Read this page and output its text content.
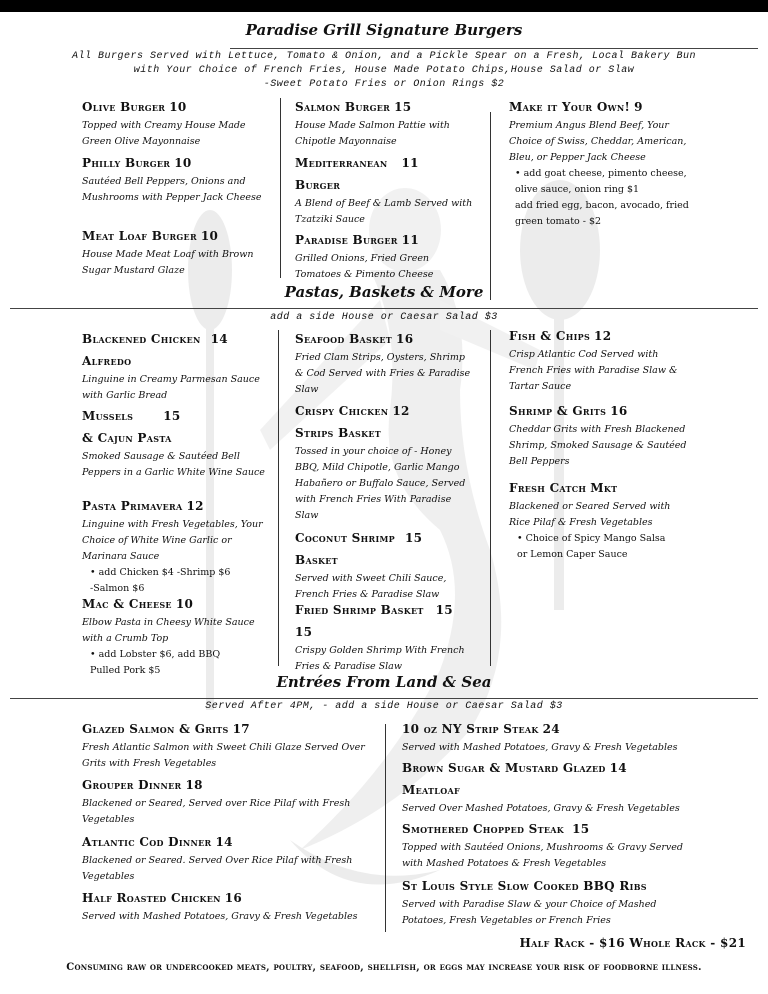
Paradise Grill Signature Burgers
All Burgers Served with Lettuce, Tomato & Onion, and a Pickle Spear on a Fresh, Local Bakery Bun
with Your Choice of French Fries, House Made Potato Chips,House Salad or Slaw
-Sweet Potato Fries or Onion Rings $2
Olive Burger 10
Topped with Creamy House Made Green Olive Mayonnaise
Philly Burger 10
Sautéed Bell Peppers, Onions and Mushrooms with Pepper Jack Cheese
Meat Loaf Burger 10
House Made Meat Loaf with Brown Sugar Mustard Glaze
Salmon Burger 15
House Made Salmon Pattie with Chipotle Mayonnaise
Mediterranean 11
Burger
A Blend of Beef & Lamb Served with Tzatziki Sauce
Paradise Burger 11
Grilled Onions, Fried Green Tomatoes & Pimento Cheese
Make it Your Own! 9
Premium Angus Blend Beef, Your Choice of Swiss, Cheddar, American, Bleu, or Pepper Jack Cheese
• add goat cheese, pimento cheese, olive sauce, onion ring $1
add fried egg, bacon, avocado, fried green tomato - $2
Pastas, Baskets & More
add a side House or Caesar Salad $3
Blackened Chicken 14
Alfredo
Linguine in Creamy Parmesan Sauce with Garlic Bread
Mussels	15
& Cajun Pasta
Smoked Sausage & Sautéed Bell Peppers in a Garlic White Wine Sauce
Pasta Primavera 12
Linguine with Fresh Vegetables, Your Choice of White Wine Garlic or Marinara Sauce
• add Chicken $4 -Shrimp $6
-Salmon $6
Mac & Cheese 10
Elbow Pasta in Cheesy White Sauce with a Crumb Top
• add Lobster $6, add BBQ
Pulled Pork $5
Seafood Basket 16
Fried Clam Strips, Oysters, Shrimp & Cod Served with Fries & Paradise Slaw
Crispy Chicken 12
Strips Basket
Tossed in your choice of - Honey BBQ, Mild Chipotle, Garlic Mango Habañero or Buffalo Sauce, Served with French Fries With Paradise Slaw
Coconut Shrimp 15
Basket
Served with Sweet Chili Sauce, French Fries & Paradise Slaw
Fried Shrimp Basket 15
15
Crispy Golden Shrimp With French Fries & Paradise Slaw
Fish & Chips 12
Crisp Atlantic Cod Served with French Fries with Paradise Slaw & Tartar Sauce
Shrimp & Grits 16
Cheddar Grits with Fresh Blackened Shrimp, Smoked Sausage & Sautéed Bell Peppers
Fresh Catch Mkt
Blackened or Seared Served with Rice Pilaf & Fresh Vegetables
• Choice of Spicy Mango Salsa
or Lemon Caper Sauce
Entrées From Land & Sea
Served After 4PM, - add a side House or Caesar Salad $3
Glazed Salmon & Grits 17
Fresh Atlantic Salmon with Sweet Chili Glaze Served Over Grits with Fresh Vegetables
Grouper Dinner 18
Blackened or Seared, Served over Rice Pilaf with Fresh Vegetables
Atlantic Cod Dinner 14
Blackened or Seared. Served Over Rice Pilaf with Fresh Vegetables
Half Roasted Chicken 16
Served with Mashed Potatoes, Gravy & Fresh Vegetables
10 oz NY Strip Steak 24
Served with Mashed Potatoes, Gravy & Fresh Vegetables
Brown Sugar & Mustard Glazed 14
Meatloaf
Served Over Mashed Potatoes, Gravy & Fresh Vegetables
Smothered Chopped Steak 15
Topped with Sautéed Onions, Mushrooms & Gravy Served with Mashed Potatoes & Fresh Vegetables
St Louis Style Slow Cooked BBQ Ribs
Served with Paradise Slaw & your Choice of Mashed Potatoes, Fresh Vegetables or French Fries
Half Rack - $16 Whole Rack - $21
Consuming raw or undercooked meats, poultry, seafood, shellfish, or eggs may increase your risk of foodborne illness.
